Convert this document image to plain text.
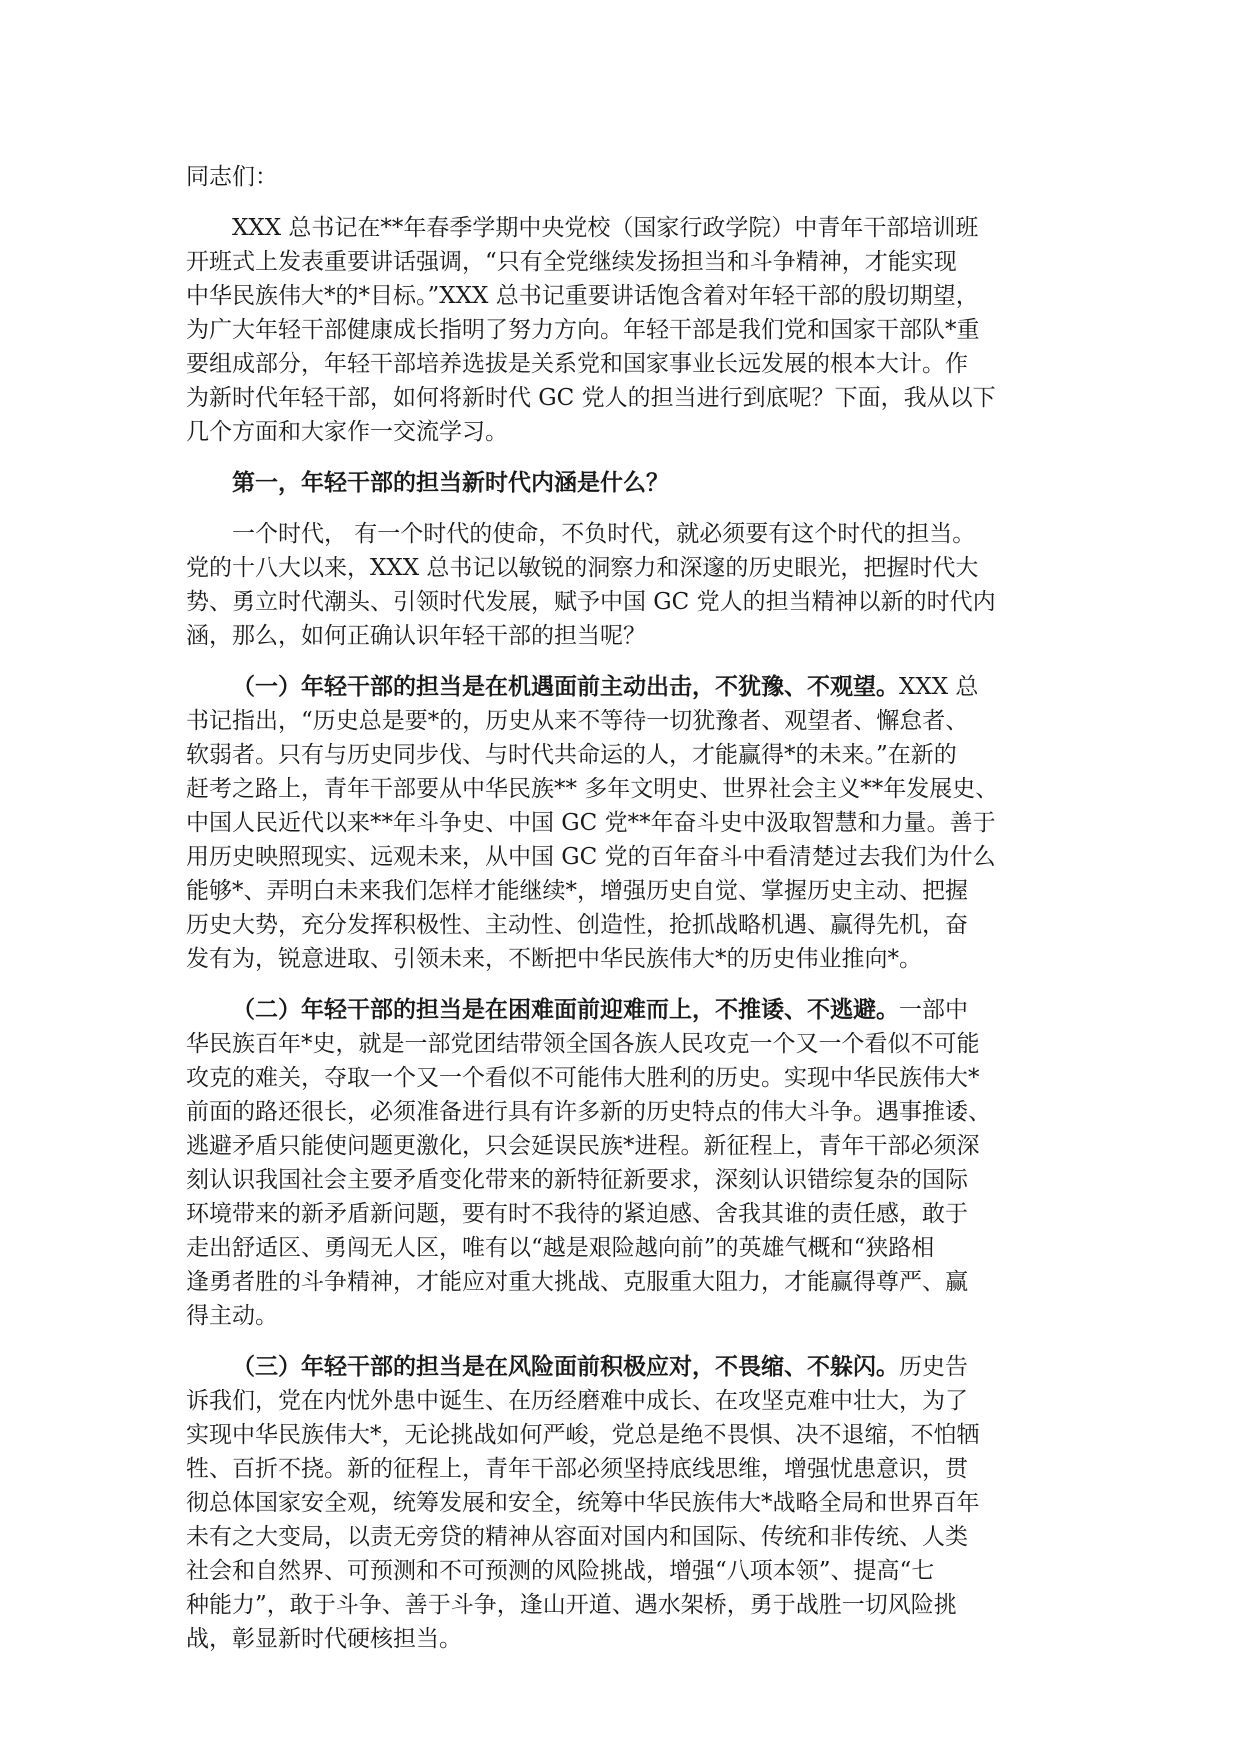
同志们：
XXX 总书记在**年春季学期中央党校（国家行政学院）中青年干部培训班
开班式上发表重要讲话强调，“只有全党继续发扬担当和斗争精神，才能实现
中华民族伟大*的*目标。”XXX 总书记重要讲话饱含着对年轻干部的殷切期望，
为广大年轻干部健康成长指明了努力方向。年轻干部是我们党和国家干部队*重
要组成部分，年轻干部培养选拔是关系党和国家事业长远发展的根本大计。作
为新时代年轻干部，如何将新时代 GC 党人的担当进行到底呢？下面，我从以下
几个方面和大家作一交流学习。
第一，年轻干部的担当新时代内涵是什么？
一个时代， 有一个时代的使命，不负时代，就必须要有这个时代的担当。
党的十八大以来，XXX 总书记以敏锐的洞察力和深邃的历史眼光，把握时代大
势、勇立时代潮头、引领时代发展，赋予中国 GC 党人的担当精神以新的时代内
涵，那么，如何正确认识年轻干部的担当呢？
（一）年轻干部的担当是在机遇面前主动出击，不犹豫、不观望。XXX 总
书记指出，“历史总是要*的，历史从来不等待一切犹豫者、观望者、懈怠者、
软弱者。只有与历史同步伐、与时代共命运的人，才能赢得*的未来。”在新的
赶考之路上，青年干部要从中华民族** 多年文明史、世界社会主义**年发展史、
中国人民近代以来**年斗争史、中国 GC 党**年奋斗史中汲取智慧和力量。善于
用历史映照现实、远观未来，从中国 GC 党的百年奋斗中看清楚过去我们为什么
能够*、弄明白未来我们怎样才能继续*，增强历史自觉、掌握历史主动、把握
历史大势，充分发挥积极性、主动性、创造性，抢抓战略机遇、赢得先机，奋
发有为，锐意进取、引领未来，不断把中华民族伟大*的历史伟业推向*。
（二）年轻干部的担当是在困难面前迎难而上，不推诿、不逃避。一部中
华民族百年*史，就是一部党团结带领全国各族人民攻克一个又一个看似不可能
攻克的难关，夺取一个又一个看似不可能伟大胜利的历史。实现中华民族伟大*
前面的路还很长，必须准备进行具有许多新的历史特点的伟大斗争。遇事推诿、
逃避矛盾只能使问题更激化，只会延误民族*进程。新征程上，青年干部必须深
刻认识我国社会主要矛盾变化带来的新特征新要求，深刻认识错综复杂的国际
环境带来的新矛盾新问题，要有时不我待的紧迫感、舍我其谁的责任感，敢于
走出舒适区、勇闯无人区，唯有以“越是艰险越向前”的英雄气概和“狭路相
逢勇者胜的斗争精神，才能应对重大挑战、克服重大阻力，才能赢得尊严、赢
得主动。
（三）年轻干部的担当是在风险面前积极应对，不畏缩、不躲闪。历史告
诉我们，党在内忧外患中诞生、在历经磨难中成长、在攻坚克难中壮大，为了
实现中华民族伟大*，无论挑战如何严峻，党总是绝不畏惧、决不退缩，不怕牺
牲、百折不挠。新的征程上，青年干部必须坚持底线思维，增强忧患意识，贯
彻总体国家安全观，统筹发展和安全，统筹中华民族伟大*战略全局和世界百年
未有之大变局，以责无旁贷的精神从容面对国内和国际、传统和非传统、人类
社会和自然界、可预测和不可预测的风险挑战，增强“八项本领”、提高“七
种能力”，敢于斗争、善于斗争，逢山开道、遇水架桥，勇于战胜一切风险挑
战，彰显新时代硬核担当。
